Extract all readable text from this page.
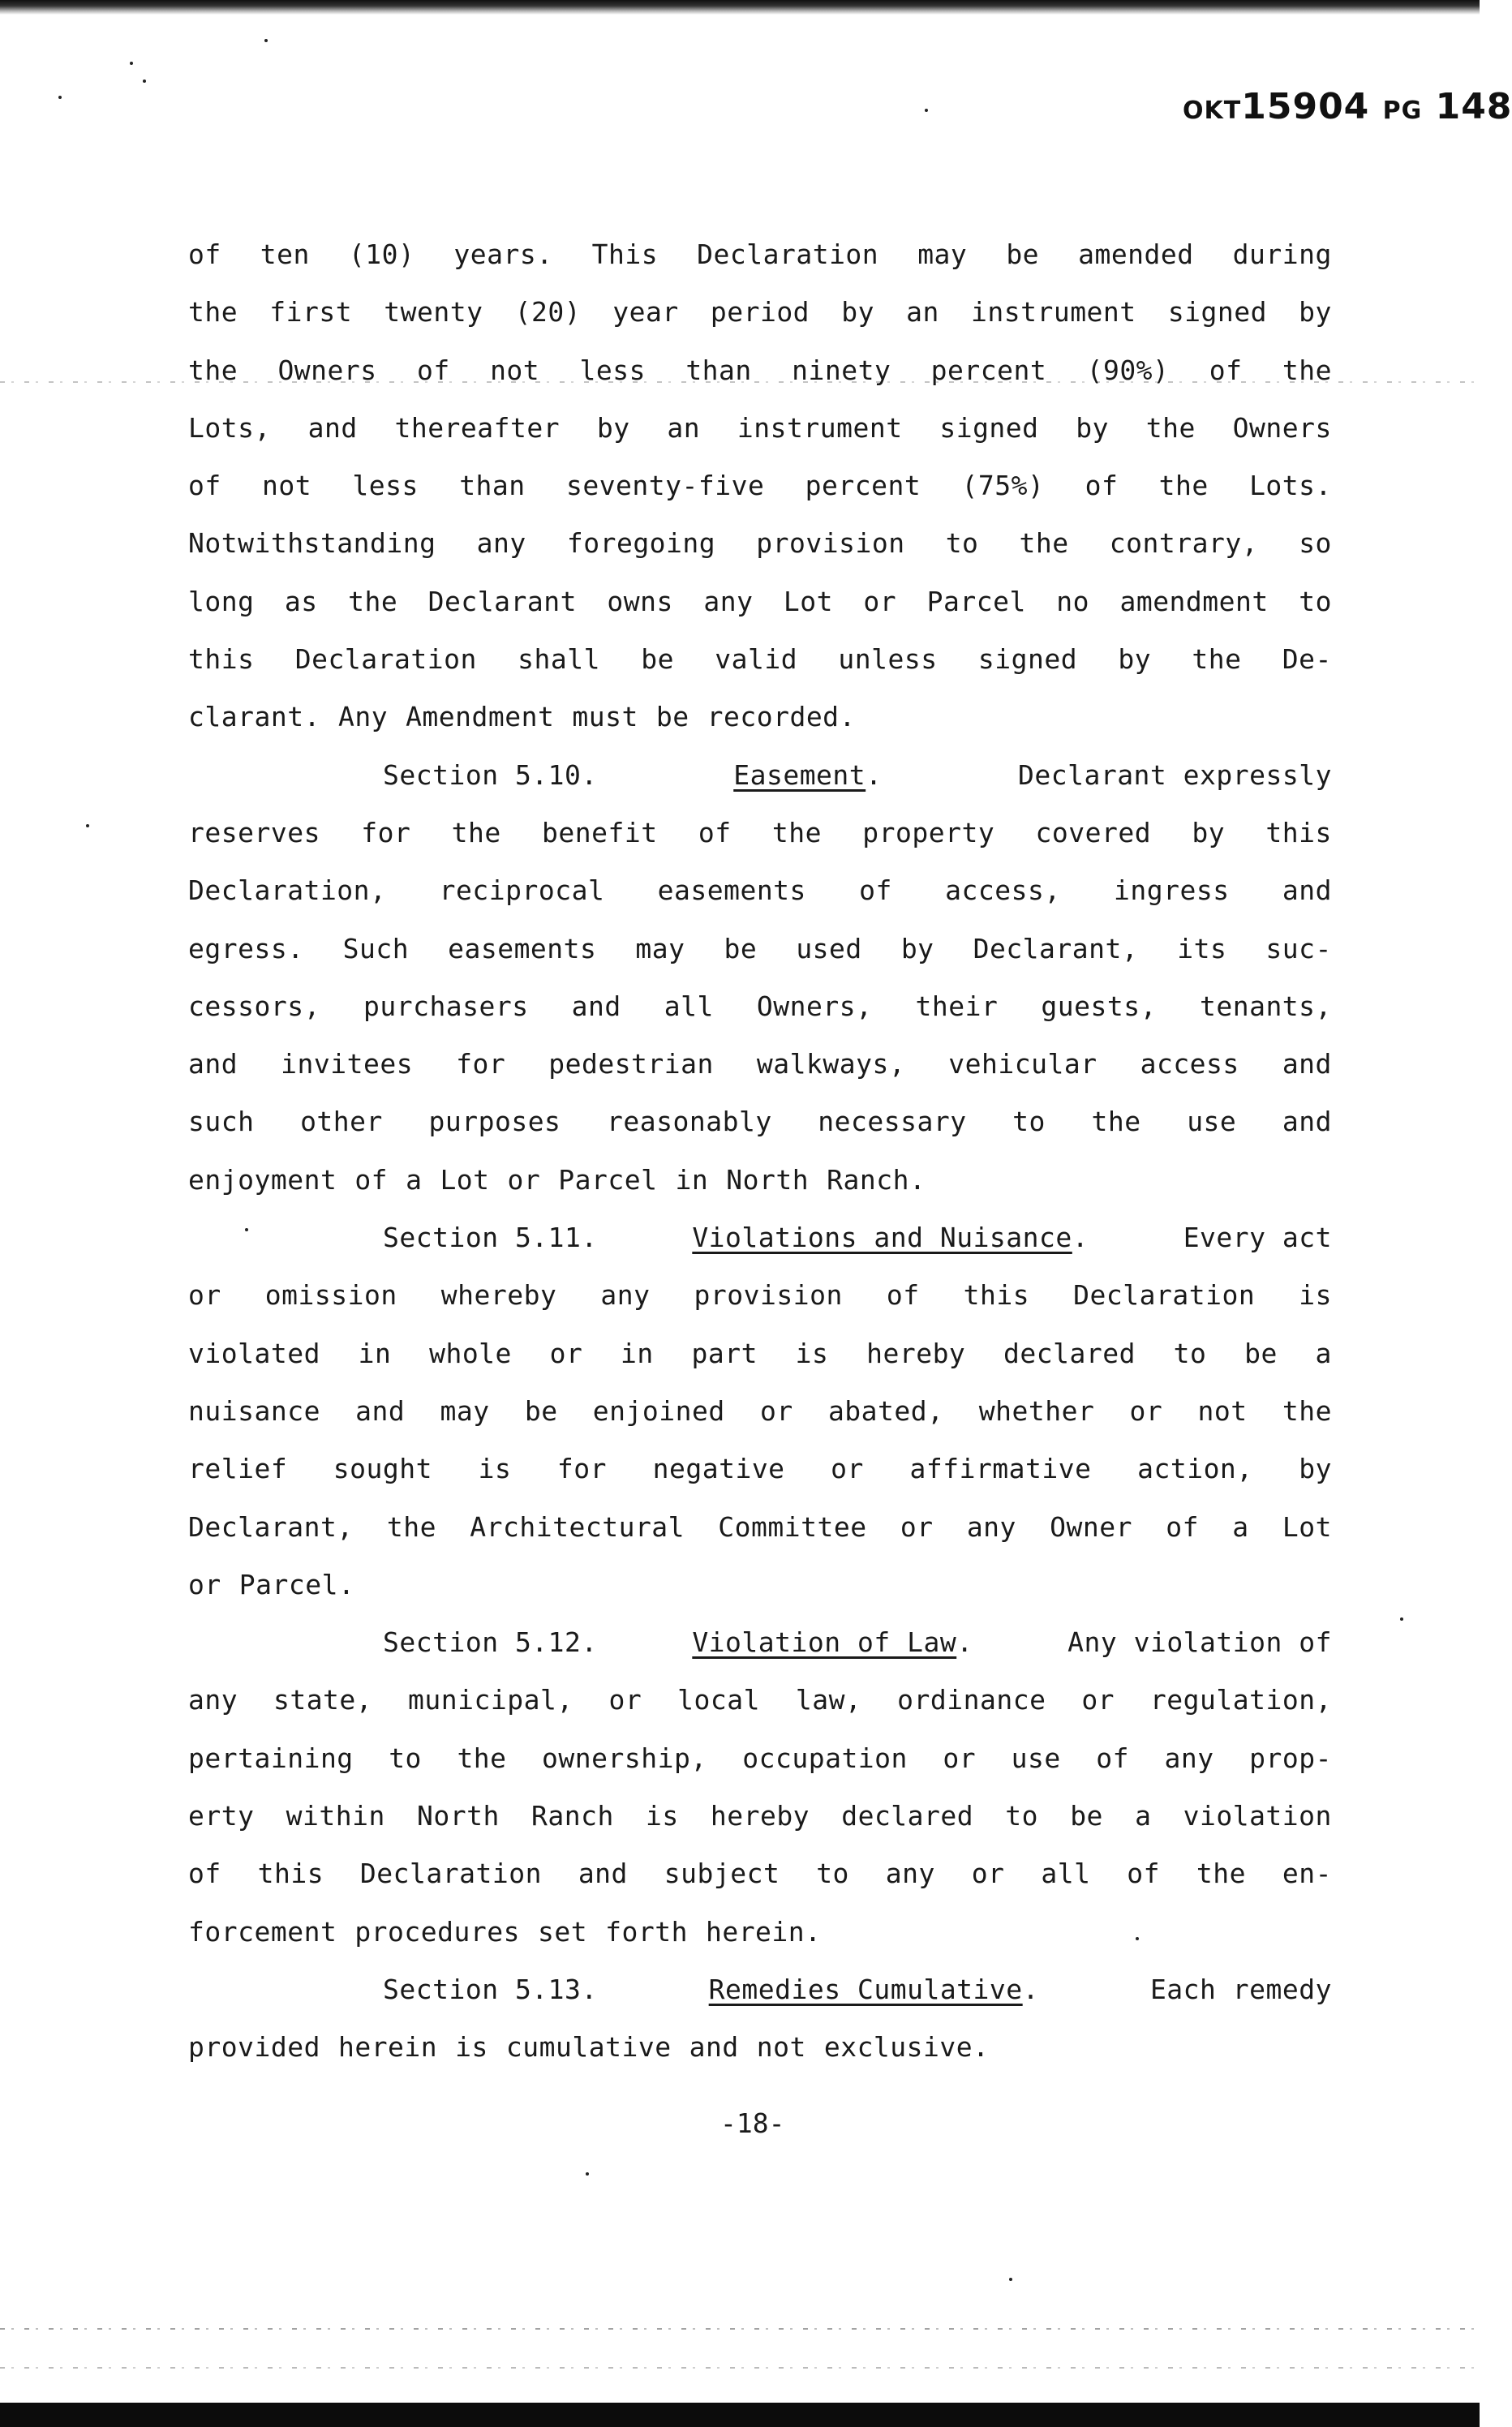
OKT15904 PG 148
of ten (10) years. This Declaration may be amended during
the first twenty (20) year period by an instrument signed by
the Owners of not less than ninety percent (90%) of the
Lots, and thereafter by an instrument signed by the Owners
of not less than seventy-five percent (75%) of the Lots.
Notwithstanding any foregoing provision to the contrary, so
long as the Declarant owns any Lot or Parcel no amendment to
this Declaration shall be valid unless signed by the De-
clarant. Any Amendment must be recorded.
Section 5.10.	Easement.	Declarant expressly
reserves for the benefit of the property covered by this
Declaration, reciprocal easements of access, ingress and
egress. Such easements may be used by Declarant, its suc-
cessors, purchasers and all Owners, their guests, tenants,
and invitees for pedestrian walkways, vehicular access and
such other purposes reasonably necessary to the use and
enjoyment of a Lot or Parcel in North Ranch.
Section 5.11.	Violations and Nuisance.	Every act
or omission whereby any provision of this Declaration is
violated in whole or in part is hereby declared to be a
nuisance and may be enjoined or abated, whether or not the
relief sought is for negative or affirmative action, by
Declarant, the Architectural Committee or any Owner of a Lot
or Parcel.
Section 5.12.	Violation of Law.	Any violation of
any state, municipal, or local law, ordinance or regulation,
pertaining to the ownership, occupation or use of any prop-
erty within North Ranch is hereby declared to be a violation
of this Declaration and subject to any or all of the en-
forcement procedures set forth herein.
Section 5.13.	Remedies Cumulative.	Each remedy
provided herein is cumulative and not exclusive.
-18-
